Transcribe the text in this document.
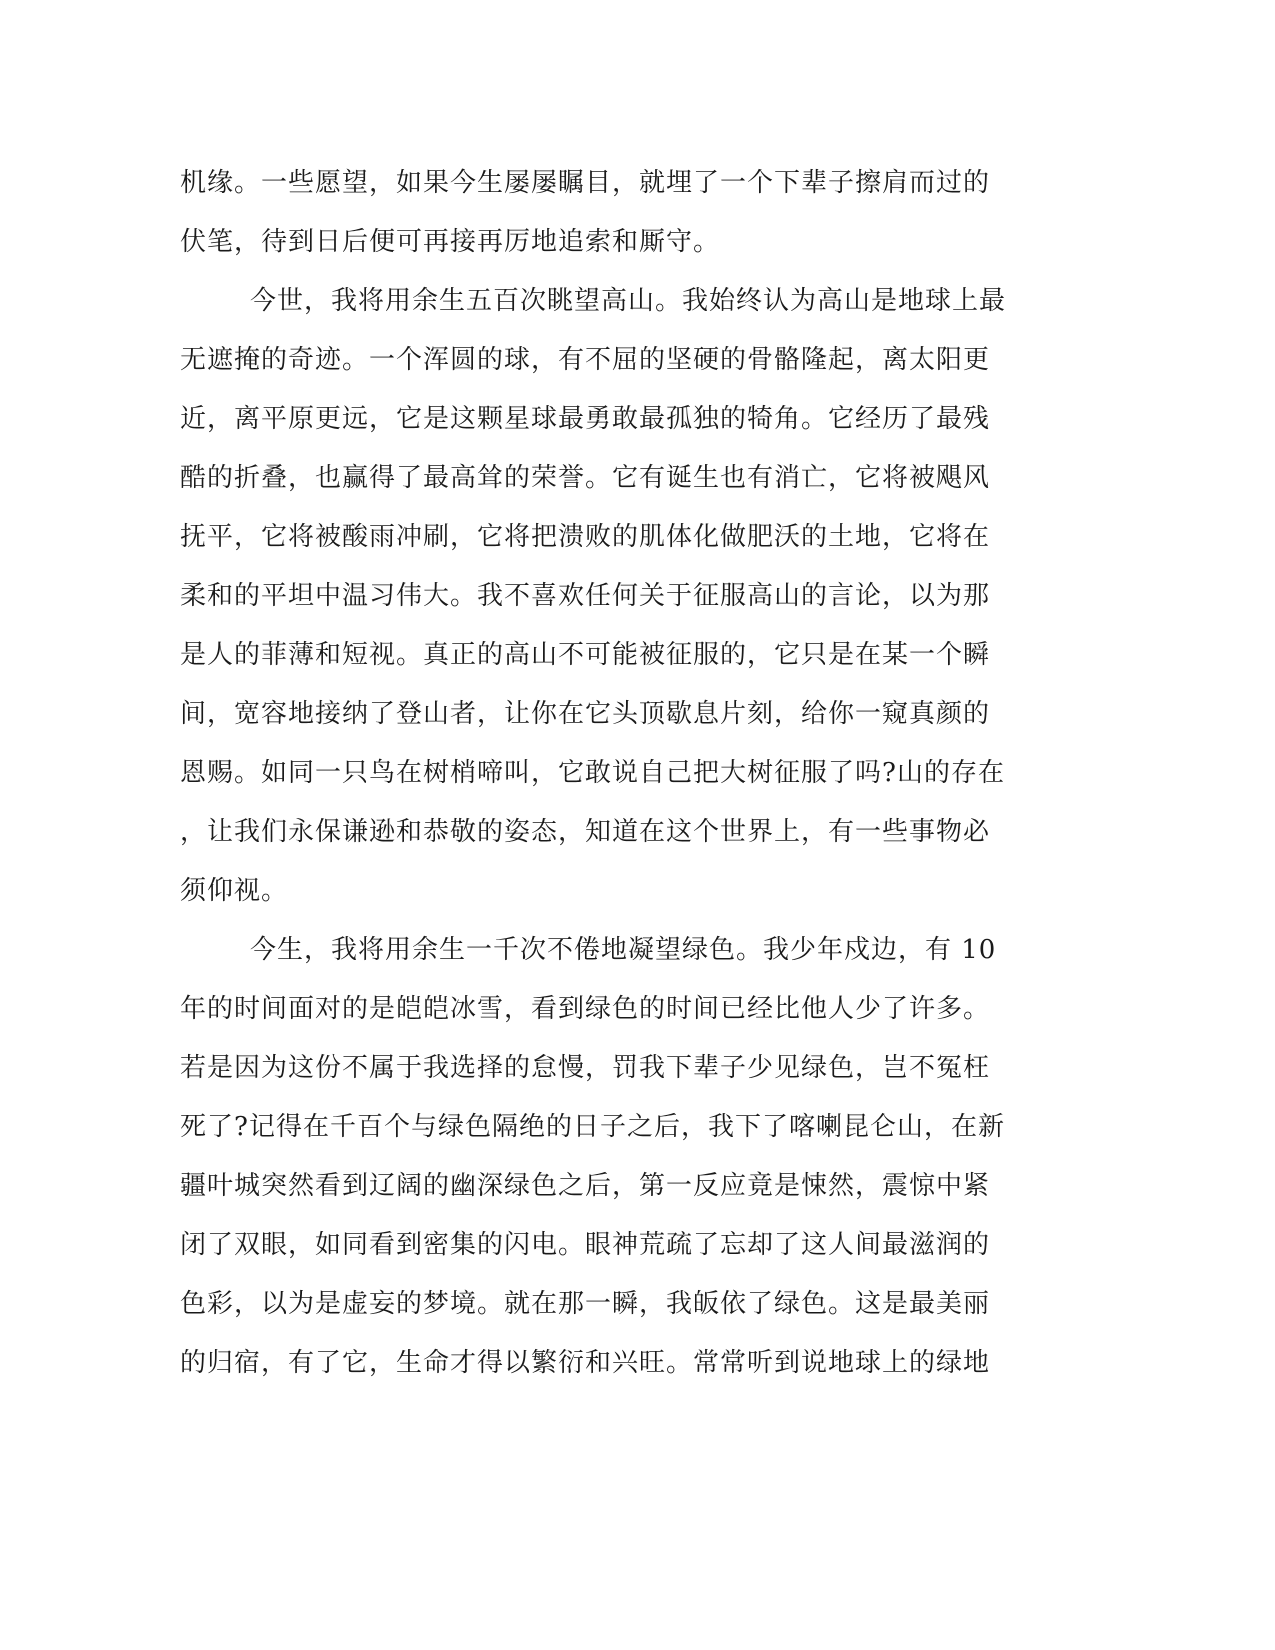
机缘。一些愿望，如果今生屡屡瞩目，就埋了一个下辈子擦肩而过的
伏笔，待到日后便可再接再厉地追索和厮守。
今世，我将用余生五百次眺望高山。我始终认为高山是地球上最
无遮掩的奇迹。一个浑圆的球，有不屈的坚硬的骨骼隆起，离太阳更
近，离平原更远，它是这颗星球最勇敢最孤独的犄角。它经历了最残
酷的折叠，也赢得了最高耸的荣誉。它有诞生也有消亡，它将被飓风
抚平，它将被酸雨冲刷，它将把溃败的肌体化做肥沃的土地，它将在
柔和的平坦中温习伟大。我不喜欢任何关于征服高山的言论，以为那
是人的菲薄和短视。真正的高山不可能被征服的，它只是在某一个瞬
间，宽容地接纳了登山者，让你在它头顶歇息片刻，给你一窥真颜的
恩赐。如同一只鸟在树梢啼叫，它敢说自己把大树征服了吗?山的存在
，让我们永保谦逊和恭敬的姿态，知道在这个世界上，有一些事物必
须仰视。
今生，我将用余生一千次不倦地凝望绿色。我少年戍边，有 10
年的时间面对的是皑皑冰雪，看到绿色的时间已经比他人少了许多。
若是因为这份不属于我选择的怠慢，罚我下辈子少见绿色，岂不冤枉
死了?记得在千百个与绿色隔绝的日子之后，我下了喀喇昆仑山，在新
疆叶城突然看到辽阔的幽深绿色之后，第一反应竟是悚然，震惊中紧
闭了双眼，如同看到密集的闪电。眼神荒疏了忘却了这人间最滋润的
色彩，以为是虚妄的梦境。就在那一瞬，我皈依了绿色。这是最美丽
的归宿，有了它，生命才得以繁衍和兴旺。常常听到说地球上的绿地
